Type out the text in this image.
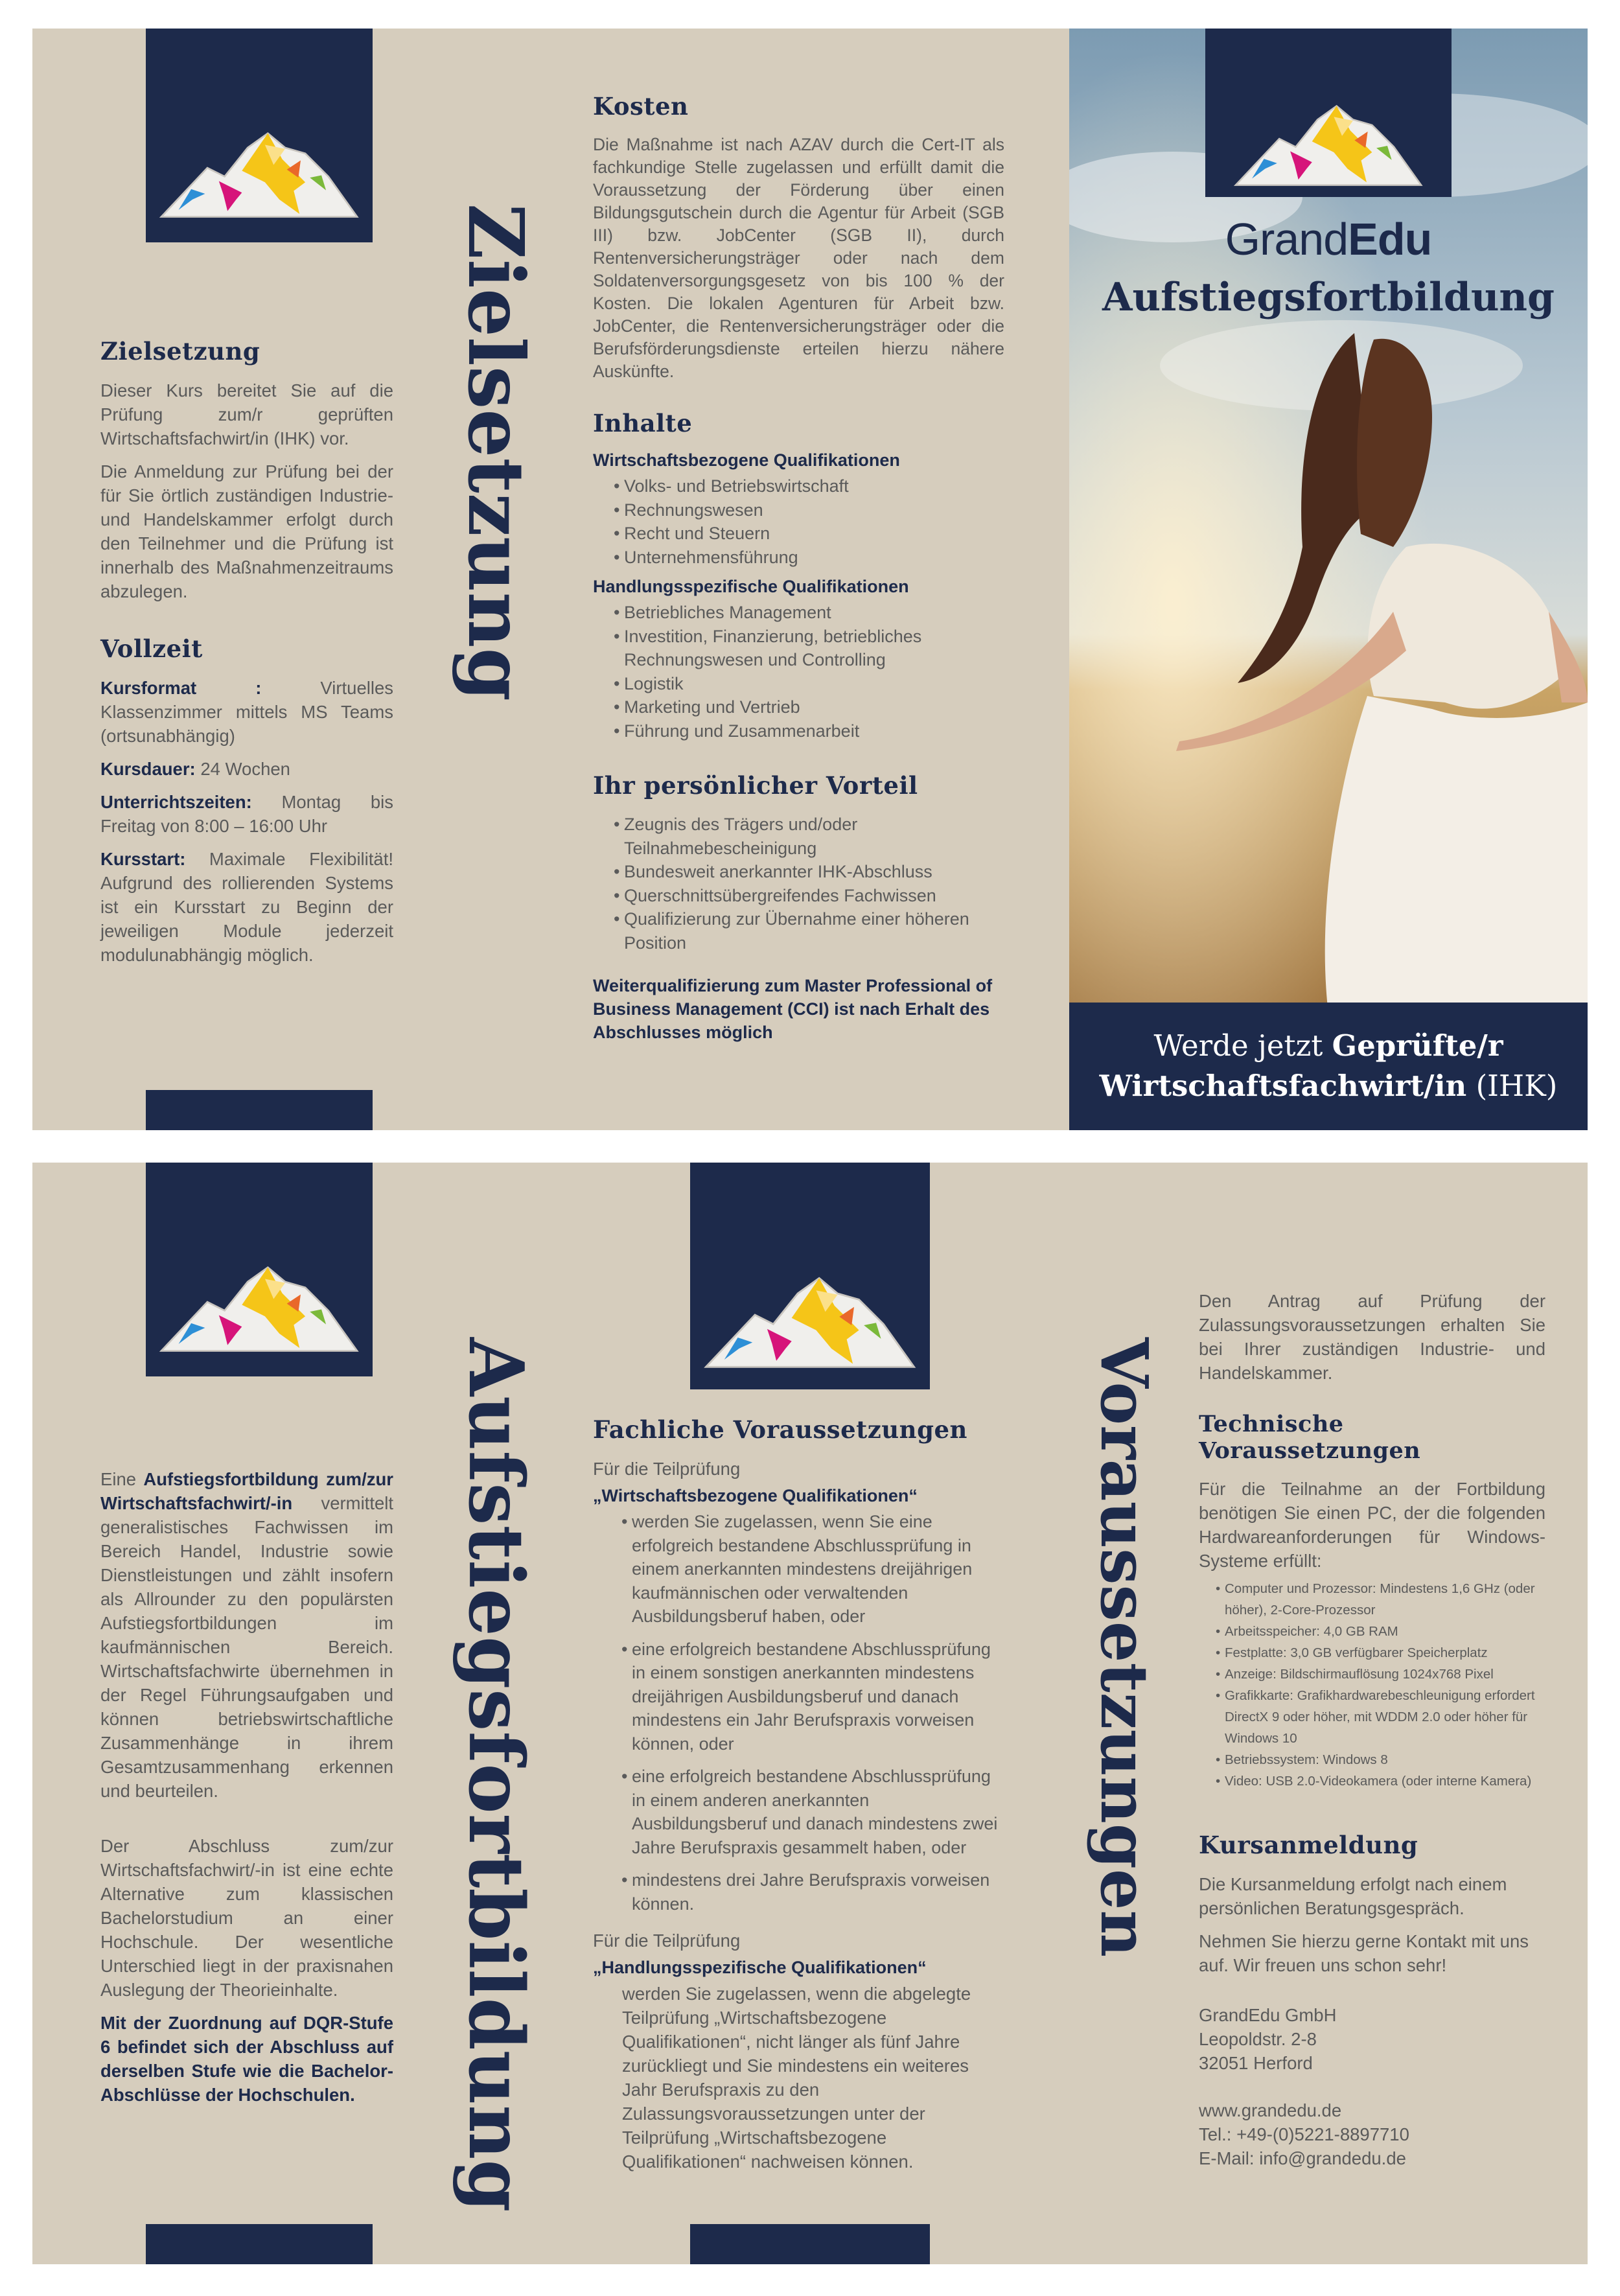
Zielsetzung
Zielsetzung
Dieser Kurs bereitet Sie auf die Prüfung zum/r geprüften Wirtschaftsfachwirt/in (IHK) vor.
Die Anmeldung zur Prüfung bei der für Sie örtlich zuständigen Industrie- und Handelskammer erfolgt durch den Teilnehmer und die Prüfung ist innerhalb des Maßnahmenzeitraums abzulegen.
Vollzeit
Kursformat : Virtuelles Klassenzimmer mittels MS Teams (ortsunabhängig)
Kursdauer: 24 Wochen
Unterrichtszeiten: Montag bis Freitag von 8:00 – 16:00 Uhr
Kursstart: Maximale Flexibilität! Aufgrund des rollierenden Systems ist ein Kursstart zu Beginn der jeweiligen Module jederzeit modulunabhängig möglich.
Kosten
Die Maßnahme ist nach AZAV durch die Cert-IT als fachkundige Stelle zugelassen und erfüllt damit die Voraussetzung der Förderung über einen Bildungsgutschein durch die Agentur für Arbeit (SGB III) bzw. JobCenter (SGB II), durch Rentenversicherungsträger oder nach dem Soldatenversorgungsgesetz von bis 100 % der Kosten. Die lokalen Agenturen für Arbeit bzw. JobCenter, die Rentenversicherungsträger oder die Berufsförderungsdienste erteilen hierzu nähere Auskünfte.
Inhalte
Wirtschaftsbezogene Qualifikationen
• Volks- und Betriebswirtschaft
• Rechnungswesen
• Recht und Steuern
• Unternehmensführung
Handlungsspezifische Qualifikationen
• Betriebliches Management
• Investition, Finanzierung, betriebliches Rechnungswesen und Controlling
• Logistik
• Marketing und Vertrieb
• Führung und Zusammenarbeit
Ihr persönlicher Vorteil
• Zeugnis des Trägers und/oder Teilnahmebescheinigung
• Bundesweit anerkannter IHK-Abschluss
• Querschnittsübergreifendes Fachwissen
• Qualifizierung zur Übernahme einer höheren Position
Weiterqualifizierung zum Master Professional of Business Management (CCI) ist nach Erhalt des Abschlusses möglich
GrandEdu
Aufstiegsfortbildung
Werde jetzt Geprüfte/r
Wirtschaftsfachwirt/in (IHK)
Aufstiegsfortbildung
Eine Aufstiegsfortbildung zum/zur Wirtschaftsfachwirt/-in vermittelt generalistisches Fachwissen im Bereich Handel, Industrie sowie Dienstleistungen und zählt insofern als Allrounder zu den populärsten Aufstiegsfortbildungen im kaufmännischen Bereich. Wirtschaftsfachwirte übernehmen in der Regel Führungsaufgaben und können betriebswirtschaftliche Zusammenhänge in ihrem Gesamtzusammenhang erkennen und beurteilen.
Der Abschluss zum/zur Wirtschaftsfachwirt/-in ist eine echte Alternative zum klassischen Bachelorstudium an einer Hochschule. Der wesentliche Unterschied liegt in der praxisnahen Auslegung der Theorieinhalte.
Mit der Zuordnung auf DQR-Stufe 6 befindet sich der Abschluss auf derselben Stufe wie die Bachelor-Abschlüsse der Hochschulen.
Fachliche Voraussetzungen
Für die Teilprüfung
„Wirtschaftsbezogene Qualifikationen“
• werden Sie zugelassen, wenn Sie eine erfolgreich bestandene Abschlussprüfung in einem anerkannten mindestens dreijährigen kaufmännischen oder verwaltenden Ausbildungsberuf haben, oder
• eine erfolgreich bestandene Abschlussprüfung in einem sonstigen anerkannten mindestens dreijährigen Ausbildungsberuf und danach mindestens ein Jahr Berufspraxis vorweisen können, oder
• eine erfolgreich bestandene Abschlussprüfung in einem anderen anerkannten Ausbildungsberuf und danach mindestens zwei Jahre Berufspraxis gesammelt haben, oder
• mindestens drei Jahre Berufspraxis vorweisen können.
Für die Teilprüfung
„Handlungsspezifische Qualifikationen“
werden Sie zugelassen, wenn die abgelegte Teilprüfung „Wirtschaftsbezogene Qualifikationen“, nicht länger als fünf Jahre zurückliegt und Sie mindestens ein weiteres Jahr Berufspraxis zu den Zulassungsvoraussetzungen unter der Teilprüfung „Wirtschaftsbezogene Qualifikationen“ nachweisen können.
Voraussetzungen
Den Antrag auf Prüfung der Zulassungsvoraussetzungen erhalten Sie bei Ihrer zuständigen Industrie- und Handelskammer.
Technische Voraussetzungen
Für die Teilnahme an der Fortbildung benötigen Sie einen PC, der die folgenden Hardwareanforderungen für Windows-Systeme erfüllt:
• Computer und Prozessor: Mindestens 1,6 GHz (oder höher), 2-Core-Prozessor
• Arbeitsspeicher: 4,0 GB RAM
• Festplatte: 3,0 GB verfügbarer Speicherplatz
• Anzeige: Bildschirmauflösung 1024x768 Pixel
• Grafikkarte: Grafikhardwarebeschleunigung erfordert DirectX 9 oder höher, mit WDDM 2.0 oder höher für Windows 10
• Betriebssystem: Windows 8
• Video: USB 2.0-Videokamera (oder interne Kamera)
Kursanmeldung
Die Kursanmeldung erfolgt nach einem persönlichen Beratungsgespräch.
Nehmen Sie hierzu gerne Kontakt mit uns auf. Wir freuen uns schon sehr!
GrandEdu GmbH
Leopoldstr. 2-8
32051 Herford
www.grandedu.de
Tel.: +49-(0)5221-8897710
E-Mail: info@grandedu.de
